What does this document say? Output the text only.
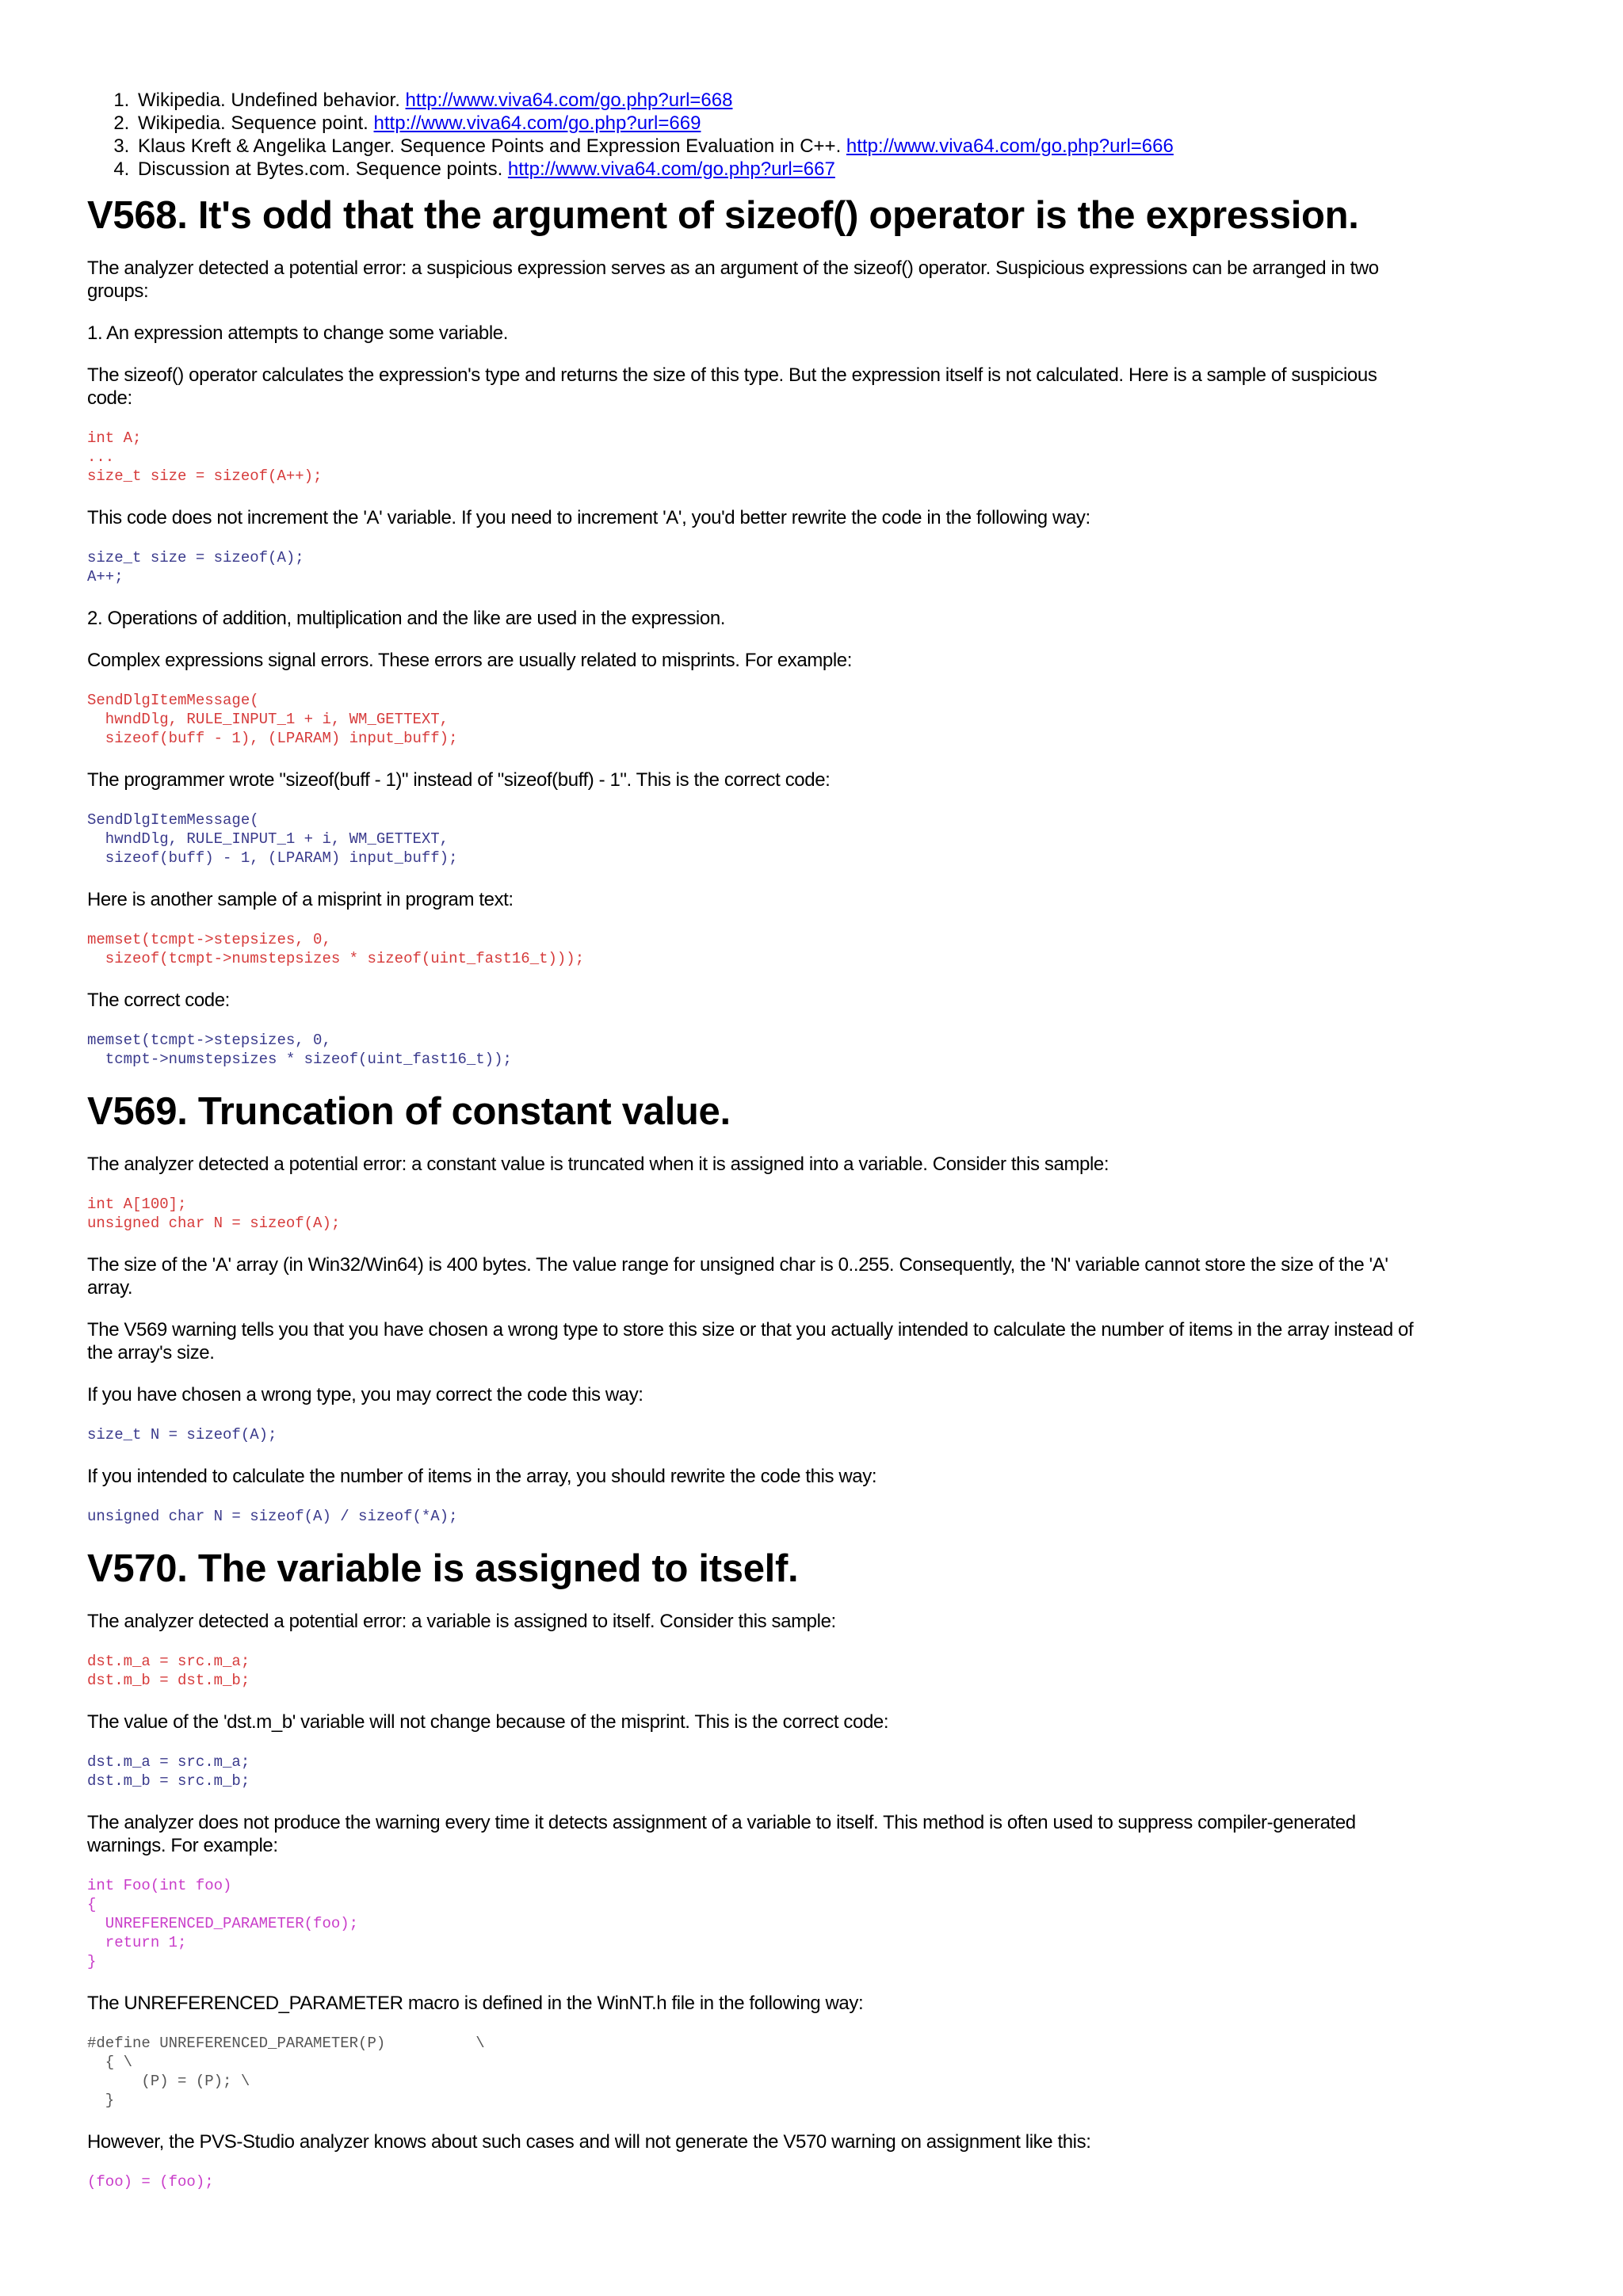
1. Wikipedia. Undefined behavior. http://www.viva64.com/go.php?url=668
2. Wikipedia. Sequence point. http://www.viva64.com/go.php?url=669
3. Klaus Kreft & Angelika Langer. Sequence Points and Expression Evaluation in C++. http://www.viva64.com/go.php?url=666
4. Discussion at Bytes.com. Sequence points. http://www.viva64.com/go.php?url=667
V568. It's odd that the argument of sizeof() operator is the expression.

The analyzer detected a potential error: a suspicious expression serves as an argument of the sizeof() operator. Suspicious expressions can be arranged in two groups:

1. An expression attempts to change some variable.

The sizeof() operator calculates the expression's type and returns the size of this type. But the expression itself is not calculated. Here is a sample of suspicious code:

int A;
...
size_t size = sizeof(A++);

This code does not increment the 'A' variable. If you need to increment 'A', you'd better rewrite the code in the following way:

size_t size = sizeof(A);
A++;

2. Operations of addition, multiplication and the like are used in the expression.

Complex expressions signal errors. These errors are usually related to misprints. For example:

SendDlgItemMessage(
hwndDlg, RULE_INPUT_1 + i, WM_GETTEXT,
sizeof(buff - 1), (LPARAM) input_buff);

The programmer wrote "sizeof(buff - 1)" instead of "sizeof(buff) - 1". This is the correct code:

SendDlgItemMessage(
hwndDlg, RULE_INPUT_1 + i, WM_GETTEXT,
sizeof(buff) - 1, (LPARAM) input_buff);

Here is another sample of a misprint in program text:

memset(tcmpt->stepsizes, 0,
sizeof(tcmpt->numstepsizes * sizeof(uint_fast16_t)));

The correct code:

memset(tcmpt->stepsizes, 0,
tcmpt->numstepsizes * sizeof(uint_fast16_t));
V569. Truncation of constant value.

The analyzer detected a potential error: a constant value is truncated when it is assigned into a variable. Consider this sample:

int A[100];
unsigned char N = sizeof(A);

The size of the 'A' array (in Win32/Win64) is 400 bytes. The value range for unsigned char is 0..255. Consequently, the 'N' variable cannot store the size of the 'A' array.

The V569 warning tells you that you have chosen a wrong type to store this size or that you actually intended to calculate the number of items in the array instead of the array's size.

If you have chosen a wrong type, you may correct the code this way:

size_t N = sizeof(A);

If you intended to calculate the number of items in the array, you should rewrite the code this way:

unsigned char N = sizeof(A) / sizeof(*A);
V570. The variable is assigned to itself.

The analyzer detected a potential error: a variable is assigned to itself. Consider this sample:

dst.m_a = src.m_a;
dst.m_b = dst.m_b;

The value of the 'dst.m_b' variable will not change because of the misprint. This is the correct code:

dst.m_a = src.m_a;
dst.m_b = src.m_b;

The analyzer does not produce the warning every time it detects assignment of a variable to itself. This method is often used to suppress compiler-generated warnings. For example:

int Foo(int foo)
{
UNREFERENCED_PARAMETER(foo);
return 1;
}

The UNREFERENCED_PARAMETER macro is defined in the WinNT.h file in the following way:

#define UNREFERENCED_PARAMETER(P)          \
{ \
(P) = (P); \
}

However, the PVS-Studio analyzer knows about such cases and will not generate the V570 warning on assignment like this:

(foo) = (foo);
